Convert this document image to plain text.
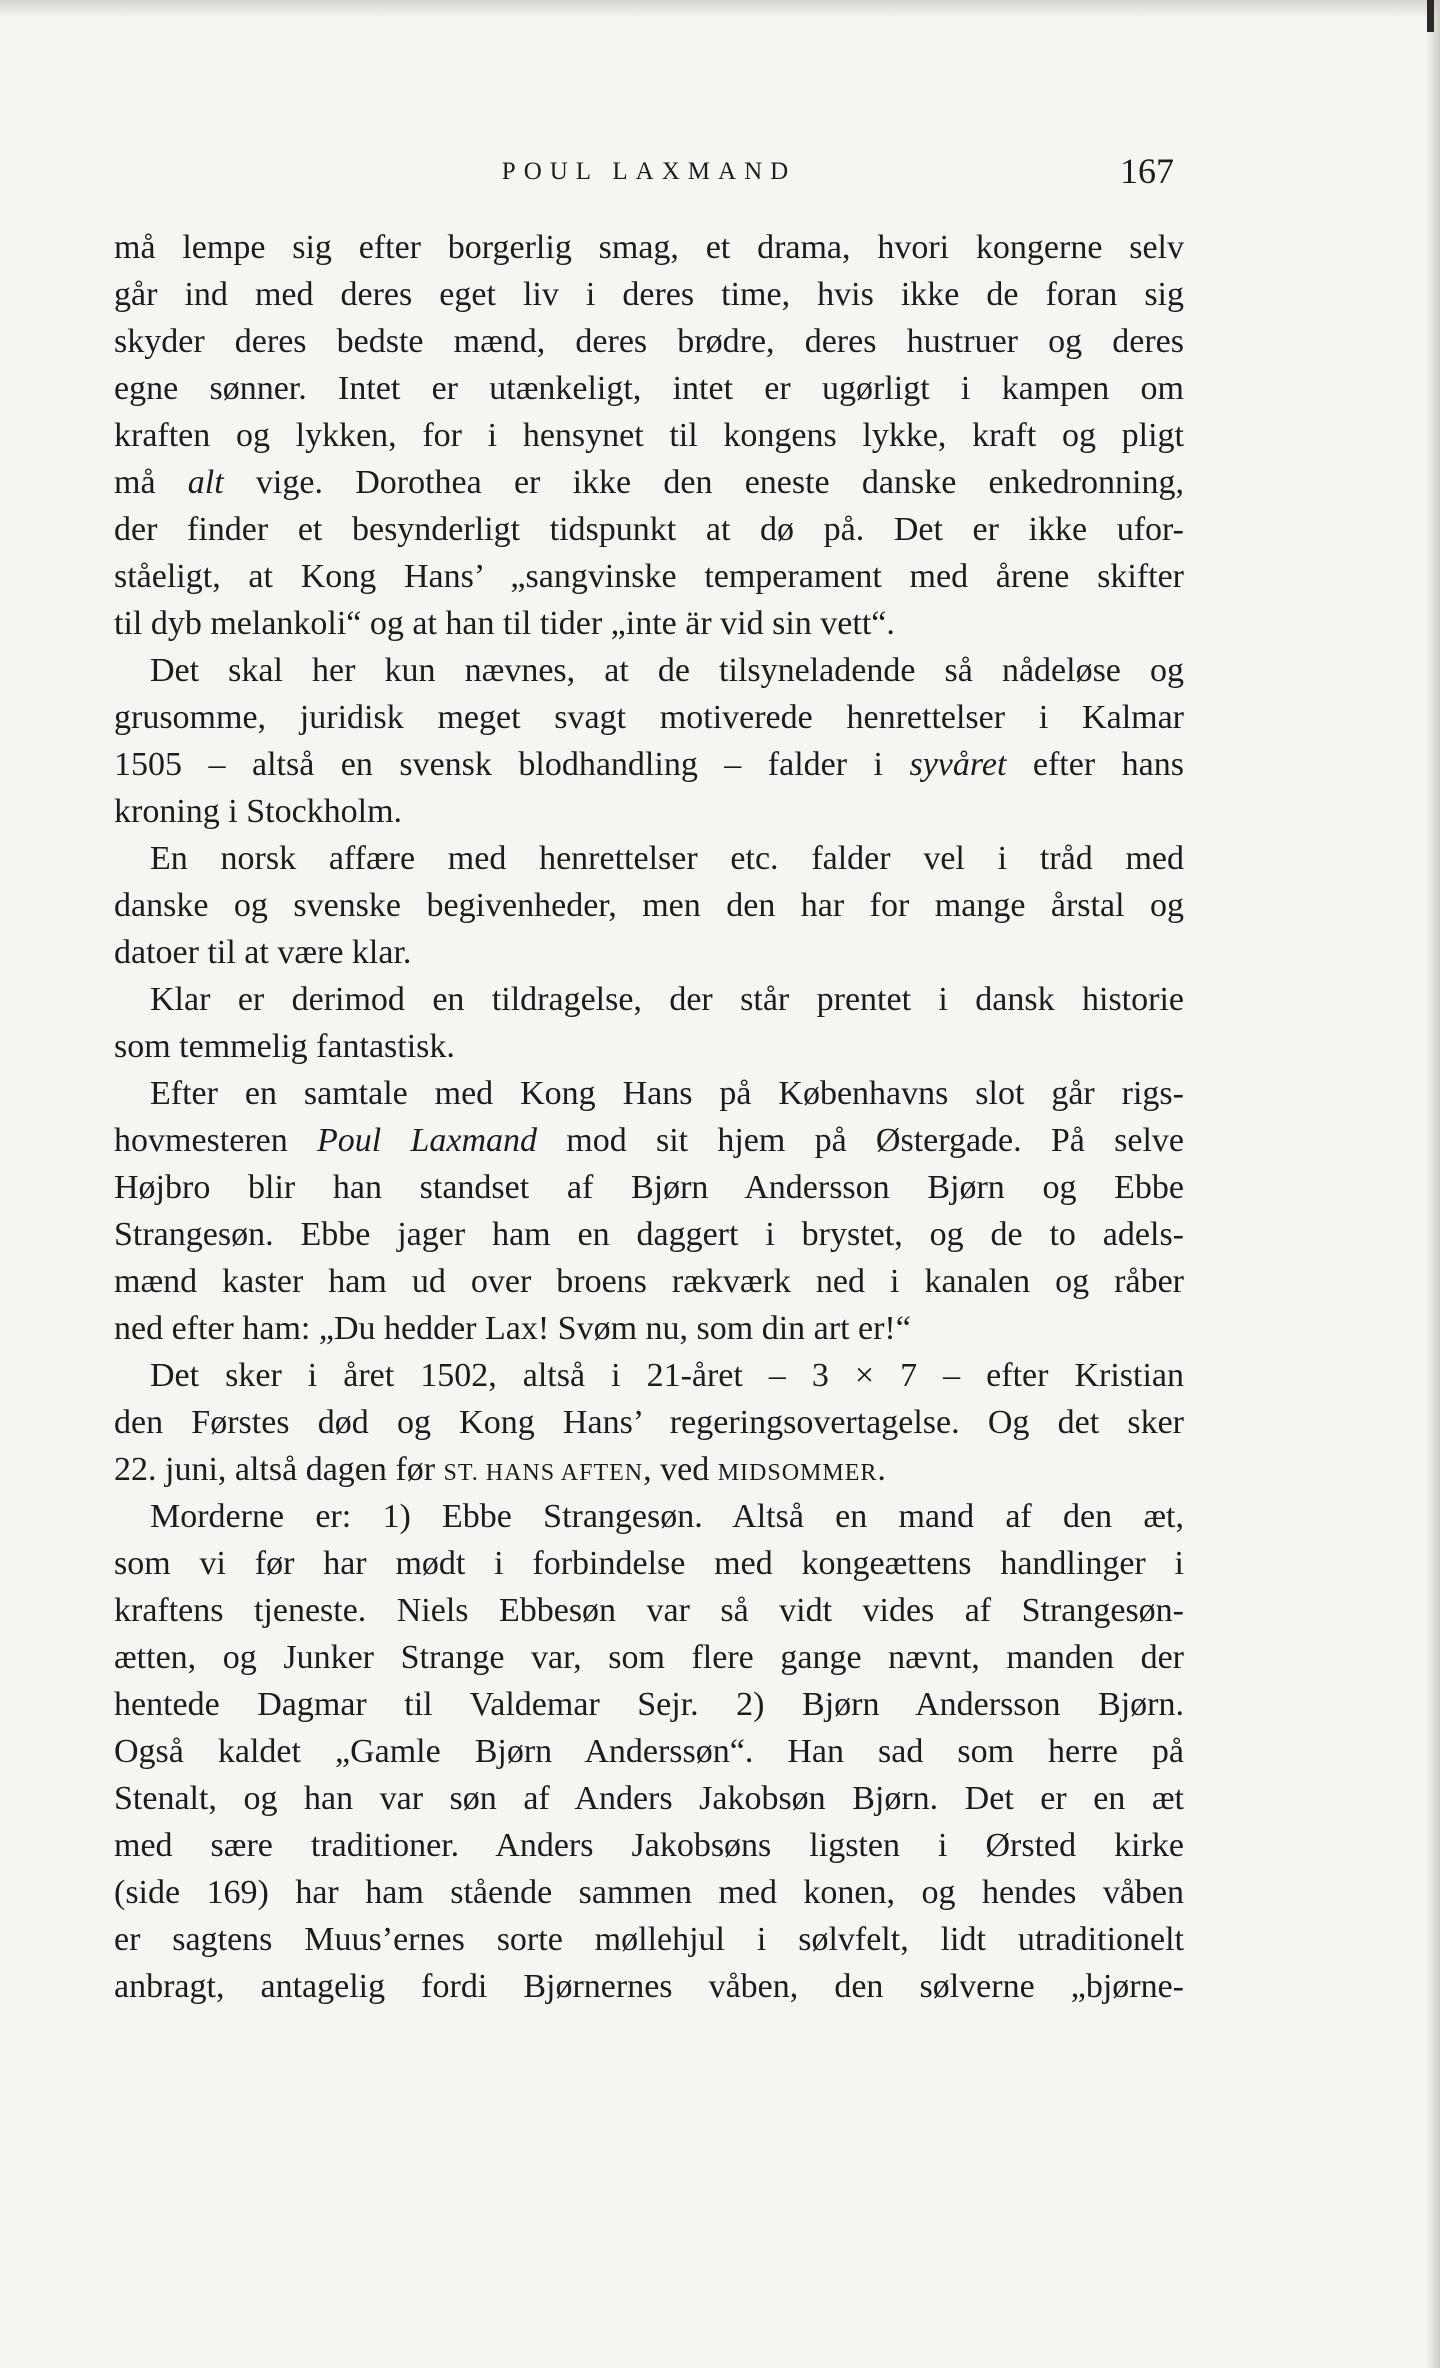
POUL LAXMAND	167
må lempe sig efter borgerlig smag, et drama, hvori kongerne selv
går ind med deres eget liv i deres time, hvis ikke de foran sig
skyder deres bedste mænd, deres brødre, deres hustruer og deres
egne sønner. Intet er utænkeligt, intet er ugørligt i kampen om
kraften og lykken, for i hensynet til kongens lykke, kraft og pligt
må alt vige. Dorothea er ikke den eneste danske enkedronning,
der finder et besynderligt tidspunkt at dø på. Det er ikke ufor-
ståeligt, at Kong Hans’ „sangvinske temperament med årene skifter
til dyb melankoli“ og at han til tider „inte är vid sin vett“.
Det skal her kun nævnes, at de tilsyneladende så nådeløse og
grusomme, juridisk meget svagt motiverede henrettelser i Kalmar
1505 – altså en svensk blodhandling – falder i syvåret efter hans
kroning i Stockholm.
En norsk affære med henrettelser etc. falder vel i tråd med
danske og svenske begivenheder, men den har for mange årstal og
datoer til at være klar.
Klar er derimod en tildragelse, der står prentet i dansk historie
som temmelig fantastisk.
Efter en samtale med Kong Hans på Københavns slot går rigs-
hovmesteren Poul Laxmand mod sit hjem på Østergade. På selve
Højbro blir han standset af Bjørn Andersson Bjørn og Ebbe
Strangesøn. Ebbe jager ham en daggert i brystet, og de to adels-
mænd kaster ham ud over broens rækværk ned i kanalen og råber
ned efter ham: „Du hedder Lax! Svøm nu, som din art er!“
Det sker i året 1502, altså i 21-året – 3 × 7 – efter Kristian
den Førstes død og Kong Hans’ regeringsovertagelse. Og det sker
22. juni, altså dagen før ST. HANS AFTEN, ved MIDSOMMER.
Morderne er: 1) Ebbe Strangesøn. Altså en mand af den æt,
som vi før har mødt i forbindelse med kongeættens handlinger i
kraftens tjeneste. Niels Ebbesøn var så vidt vides af Strangesøn-
ætten, og Junker Strange var, som flere gange nævnt, manden der
hentede Dagmar til Valdemar Sejr. 2) Bjørn Andersson Bjørn.
Også kaldet „Gamle Bjørn Anderssøn“. Han sad som herre på
Stenalt, og han var søn af Anders Jakobsøn Bjørn. Det er en æt
med sære traditioner. Anders Jakobsøns ligsten i Ørsted kirke
(side 169) har ham stående sammen med konen, og hendes våben
er sagtens Muus’ernes sorte møllehjul i sølvfelt, lidt utraditionelt
anbragt, antagelig fordi Bjørnernes våben, den sølverne „bjørne-
